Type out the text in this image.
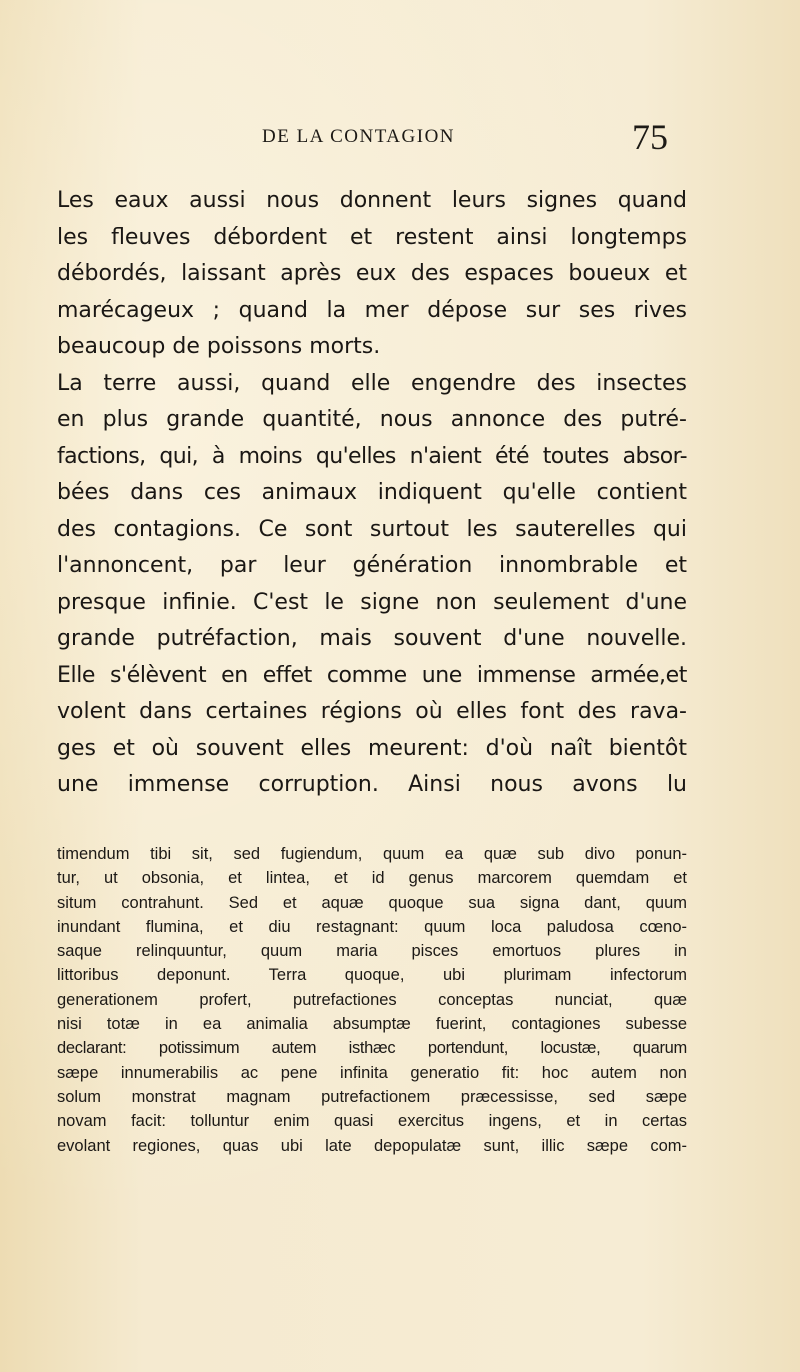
DE LA CONTAGION	75
Les eaux aussi nous donnent leurs signes quand
les fleuves débordent et restent ainsi longtemps
débordés, laissant après eux des espaces boueux et
marécageux ; quand la mer dépose sur ses rives
beaucoup de poissons morts.
La terre aussi, quand elle engendre des insectes
en plus grande quantité, nous annonce des putré-
factions, qui, à moins qu'elles n'aient été toutes absor-
bées dans ces animaux indiquent qu'elle contient
des contagions. Ce sont surtout les sauterelles qui
l'annoncent, par leur génération innombrable et
presque infinie. C'est le signe non seulement d'une
grande putréfaction, mais souvent d'une nouvelle.
Elle s'élèvent en effet comme une immense armée,et
volent dans certaines régions où elles font des rava-
ges et où souvent elles meurent: d'où naît bientôt
une immense corruption. Ainsi nous avons lu
timendum tibi sit, sed fugiendum, quum ea quæ sub divo ponun-
tur, ut obsonia, et lintea, et id genus marcorem quemdam et
situm contrahunt. Sed et aquæ quoque sua signa dant, quum
inundant flumina, et diu restagnant: quum loca paludosa cœno-
saque relinquuntur, quum maria pisces emortuos plures in
littoribus deponunt. Terra quoque, ubi plurimam infectorum
generationem profert, putrefactiones conceptas nunciat, quæ
nisi totæ in ea animalia absumptæ fuerint, contagiones subesse
declarant: potissimum autem isthæc portendunt, locustæ, quarum
sæpe innumerabilis ac pene infinita generatio fit: hoc autem non
solum monstrat magnam putrefactionem præcessisse, sed sæpe
novam facit: tolluntur enim quasi exercitus ingens, et in certas
evolant regiones, quas ubi late depopulatæ sunt, illic sæpe com-
